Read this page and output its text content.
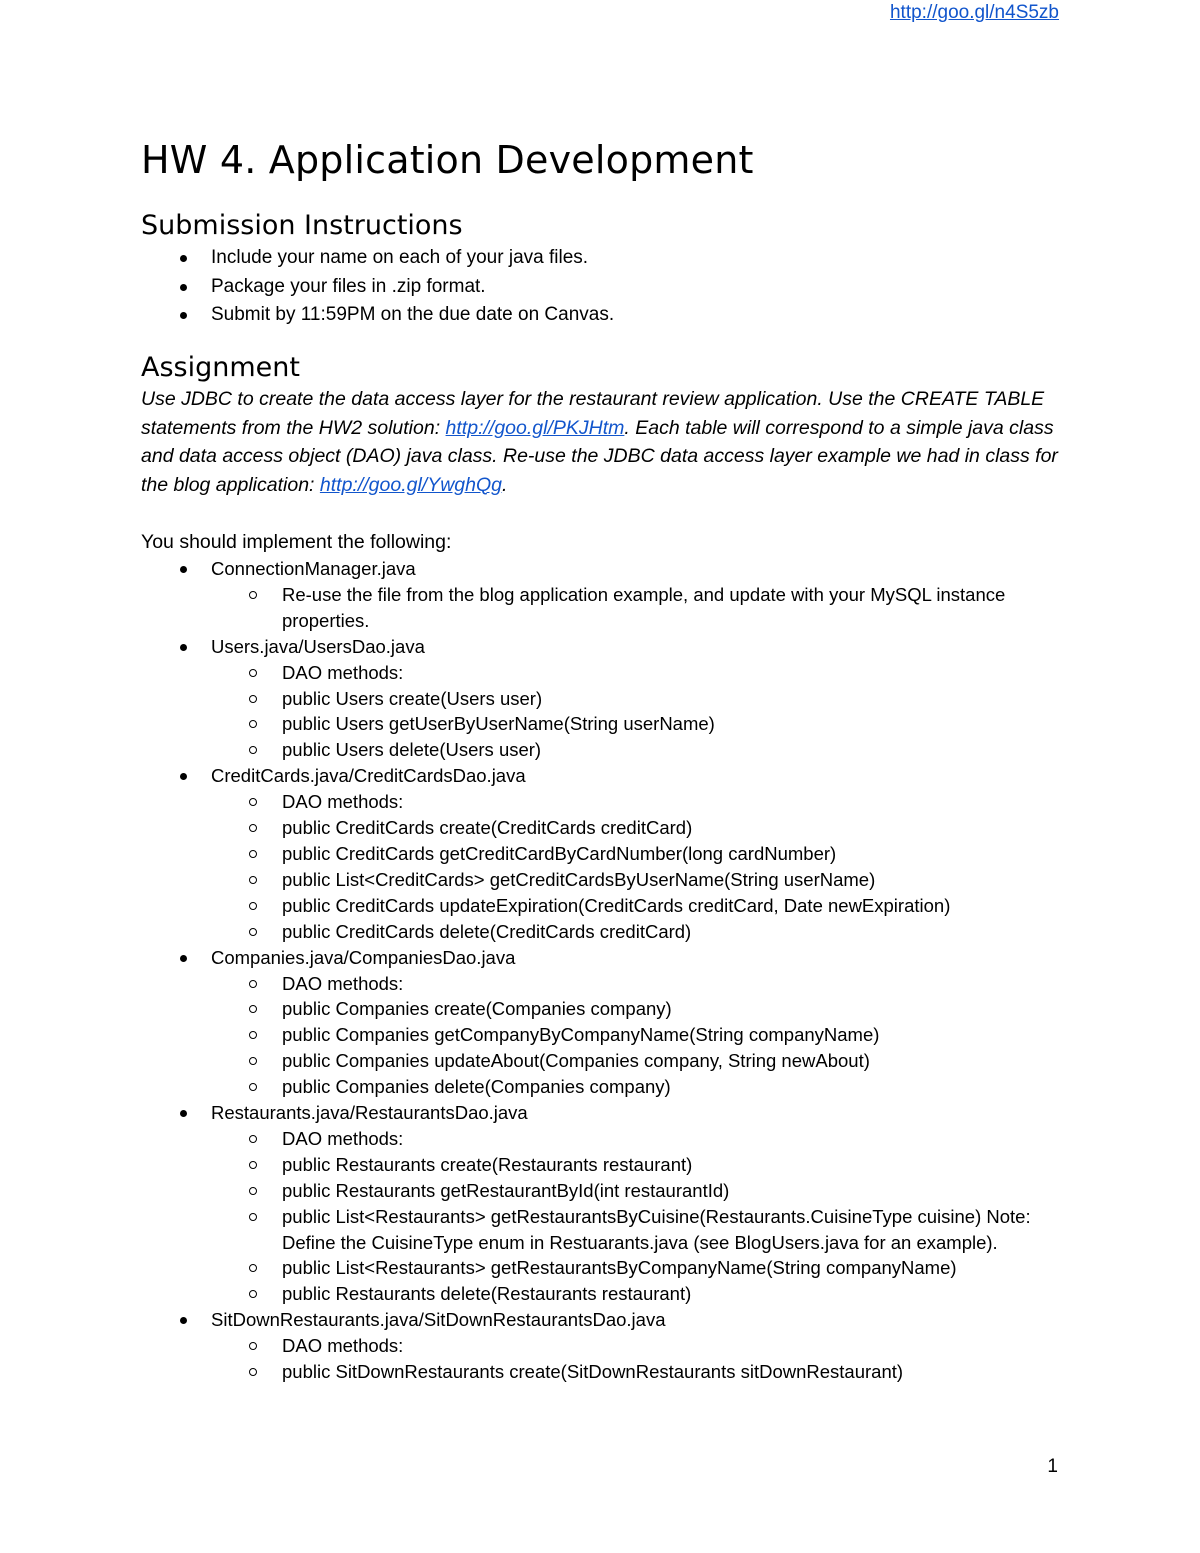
http://goo.gl/n4S5zb
HW 4. Application Development
Submission Instructions
Include your name on each of your java files.
Package your files in .zip format.
Submit by 11:59PM on the due date on Canvas.
Assignment

Use JDBC to create the data access layer for the restaurant review application. Use the CREATE TABLE statements from the HW2 solution: http://goo.gl/PKJHtm. Each table will correspond to a simple java class and data access object (DAO) java class. Re-use the JDBC data access layer example we had in class for the blog application: http://goo.gl/YwghQg.

You should implement the following:

ConnectionManager.java
Re-use the file from the blog application example, and update with your MySQL instance properties.
Users.java/UsersDao.java
DAO methods:
public Users create(Users user)
public Users getUserByUserName(String userName)
public Users delete(Users user)
CreditCards.java/CreditCardsDao.java
DAO methods:
public CreditCards create(CreditCards creditCard)
public CreditCards getCreditCardByCardNumber(long cardNumber)
public List<CreditCards> getCreditCardsByUserName(String userName)
public CreditCards updateExpiration(CreditCards creditCard, Date newExpiration)
public CreditCards delete(CreditCards creditCard)
Companies.java/CompaniesDao.java
DAO methods:
public Companies create(Companies company)
public Companies getCompanyByCompanyName(String companyName)
public Companies updateAbout(Companies company, String newAbout)
public Companies delete(Companies company)
Restaurants.java/RestaurantsDao.java
DAO methods:
public Restaurants create(Restaurants restaurant)
public Restaurants getRestaurantById(int restaurantId)
public List<Restaurants> getRestaurantsByCuisine(Restaurants.CuisineType cuisine) Note: Define the CuisineType enum in Restuarants.java (see BlogUsers.java for an example).
public List<Restaurants> getRestaurantsByCompanyName(String companyName)
public Restaurants delete(Restaurants restaurant)
SitDownRestaurants.java/SitDownRestaurantsDao.java
DAO methods:
public SitDownRestaurants create(SitDownRestaurants sitDownRestaurant)
1
